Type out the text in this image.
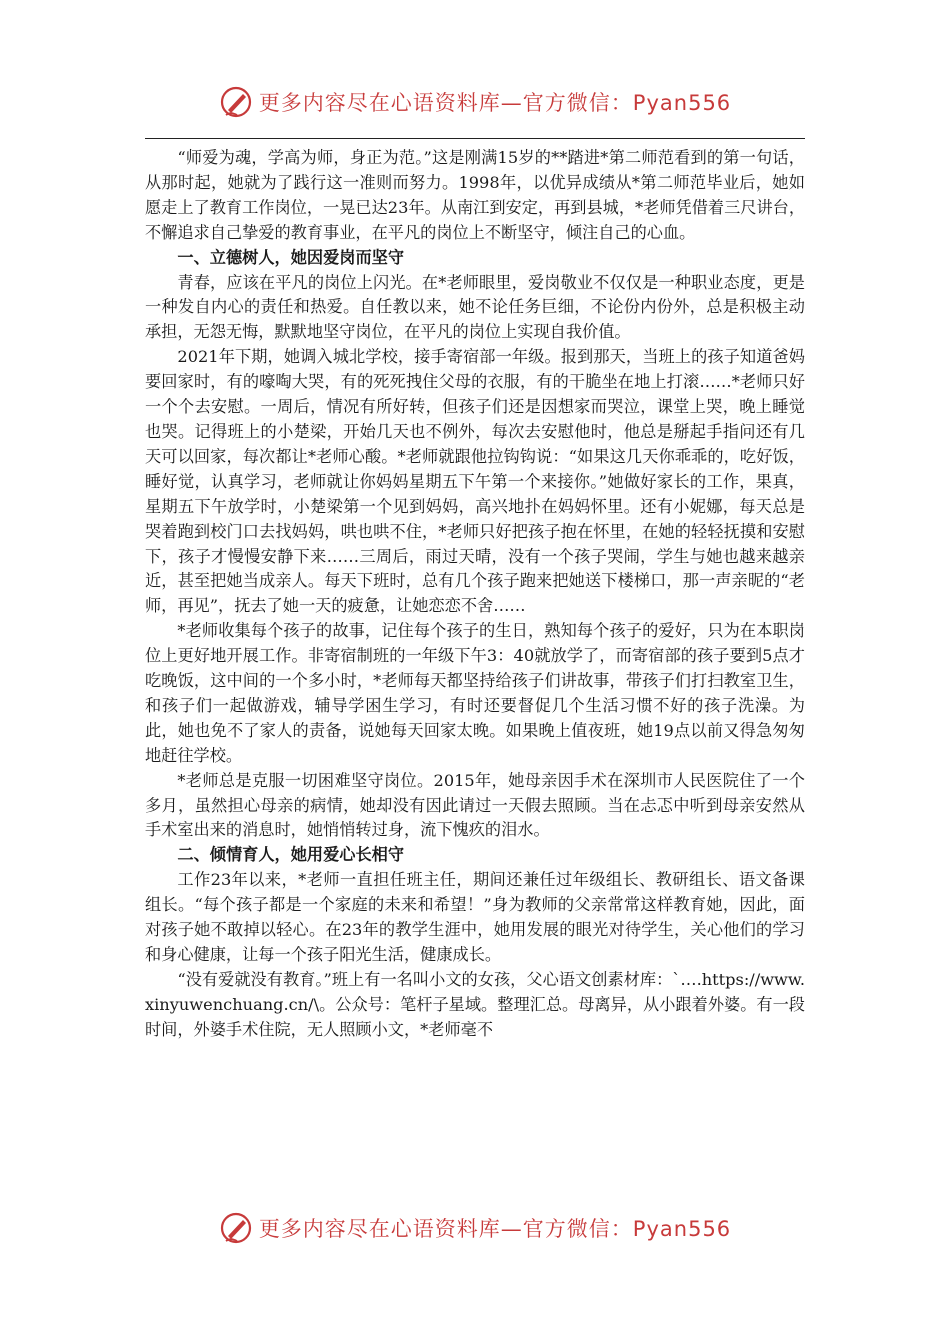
更多内容尽在心语资料库—官方微信：Pyan556

“师爱为魂，学高为师，身正为范。”这是刚满15岁的**踏进*第二师范看到的第一句话，从那时起，她就为了践行这一准则而努力。1998年，以优异成绩从*第二师范毕业后，她如愿走上了教育工作岗位，一晃已达23年。从南江到安定，再到县城，*老师凭借着三尺讲台，不懈追求自己挚爱的教育事业，在平凡的岗位上不断坚守，倾注自己的心血。

一、立德树人，她因爱岗而坚守

青春，应该在平凡的岗位上闪光。在*老师眼里，爱岗敬业不仅仅是一种职业态度，更是一种发自内心的责任和热爱。自任教以来，她不论任务巨细，不论份内份外，总是积极主动承担，无怨无悔，默默地坚守岗位，在平凡的岗位上实现自我价值。

2021年下期，她调入城北学校，接手寄宿部一年级。报到那天，当班上的孩子知道爸妈要回家时，有的嚎啕大哭，有的死死拽住父母的衣服，有的干脆坐在地上打滚……*老师只好一个个去安慰。一周后，情况有所好转，但孩子们还是因想家而哭泣，课堂上哭，晚上睡觉也哭。记得班上的小楚梁，开始几天也不例外，每次去安慰他时，他总是掰起手指问还有几天可以回家，每次都让*老师心酸。*老师就跟他拉钩钩说：“如果这几天你乖乖的，吃好饭，睡好觉，认真学习，老师就让你妈妈星期五下午第一个来接你。”她做好家长的工作，果真，星期五下午放学时，小楚梁第一个见到妈妈，高兴地扑在妈妈怀里。还有小妮娜，每天总是哭着跑到校门口去找妈妈，哄也哄不住，*老师只好把孩子抱在怀里，在她的轻轻抚摸和安慰下，孩子才慢慢安静下来……三周后，雨过天晴，没有一个孩子哭闹，学生与她也越来越亲近，甚至把她当成亲人。每天下班时，总有几个孩子跑来把她送下楼梯口，那一声亲昵的“老师，再见”，抚去了她一天的疲惫，让她恋恋不舍……

*老师收集每个孩子的故事，记住每个孩子的生日，熟知每个孩子的爱好，只为在本职岗位上更好地开展工作。非寄宿制班的一年级下午3：40就放学了，而寄宿部的孩子要到5点才吃晚饭，这中间的一个多小时，*老师每天都坚持给孩子们讲故事，带孩子们打扫教室卫生，和孩子们一起做游戏，辅导学困生学习，有时还要督促几个生活习惯不好的孩子洗澡。为此，她也免不了家人的责备，说她每天回家太晚。如果晚上值夜班，她19点以前又得急匆匆地赶往学校。

*老师总是克服一切困难坚守岗位。2015年，她母亲因手术在深圳市人民医院住了一个多月，虽然担心母亲的病情，她却没有因此请过一天假去照顾。当在忐忑中听到母亲安然从手术室出来的消息时，她悄悄转过身，流下愧疚的泪水。

二、倾情育人，她用爱心长相守

工作23年以来，*老师一直担任班主任，期间还兼任过年级组长、教研组长、语文备课组长。“每个孩子都是一个家庭的未来和希望！”身为教师的父亲常常这样教育她，因此，面对孩子她不敢掉以轻心。在23年的教学生涯中，她用发展的眼光对待学生，关心他们的学习和身心健康，让每一个孩子阳光生活，健康成长。

“没有爱就没有教育。”班上有一名叫小文的女孩，父心语文创素材库：`….https://www.xinyuwenchuang.cn/\。公众号：笔杆子星域。整理汇总。母离异，从小跟着外婆。有一段时间，外婆手术住院，无人照顾小文，*老师毫不

更多内容尽在心语资料库—官方微信：Pyan556
